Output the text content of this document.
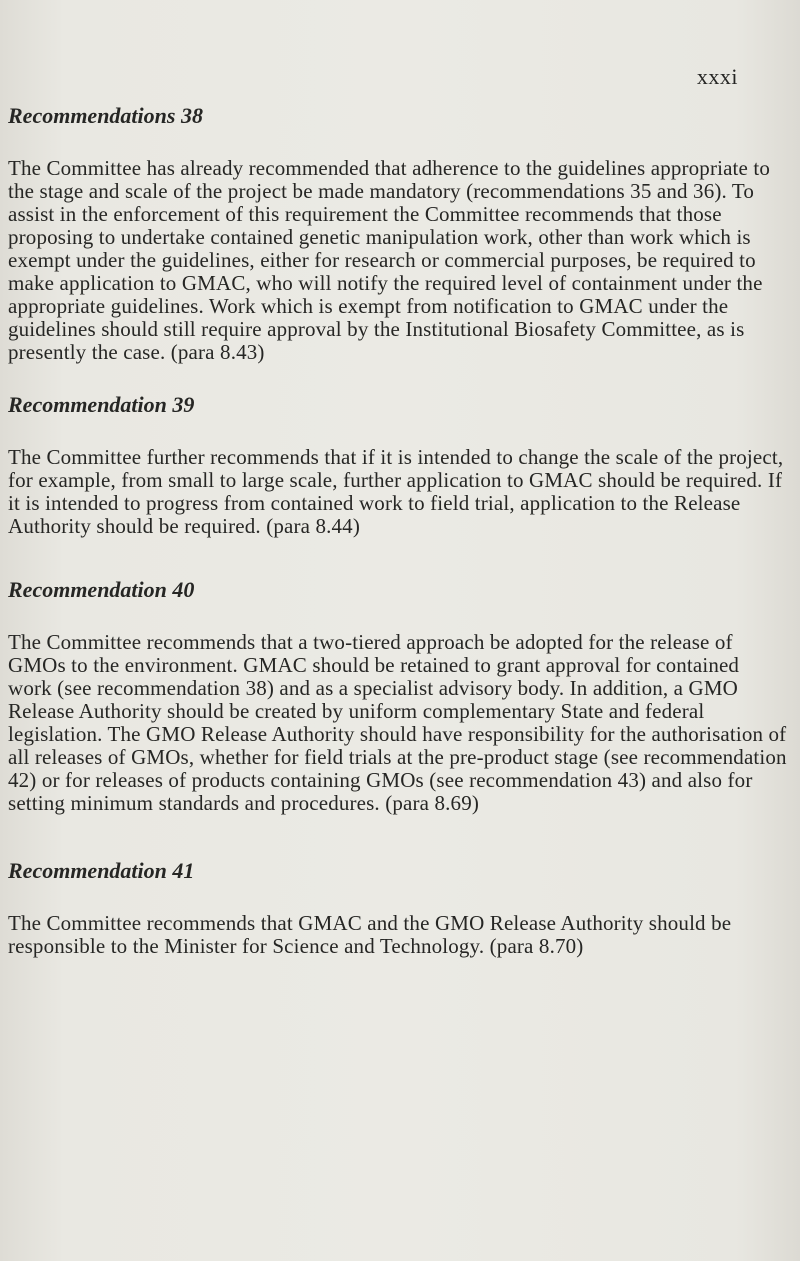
xxxi
Recommendations 38

The Committee has already recommended that adherence to the guidelines appropriate to the stage and scale of the project be made mandatory (recommendations 35 and 36). To assist in the enforcement of this requirement the Committee recommends that those proposing to undertake contained genetic manipulation work, other than work which is exempt under the guidelines, either for research or commercial purposes, be required to make application to GMAC, who will notify the required level of containment under the appropriate guidelines. Work which is exempt from notification to GMAC under the guidelines should still require approval by the Institutional Biosafety Committee, as is presently the case. (para 8.43)

Recommendation 39

The Committee further recommends that if it is intended to change the scale of the project, for example, from small to large scale, further application to GMAC should be required. If it is intended to progress from contained work to field trial, application to the Release Authority should be required. (para 8.44)

Recommendation 40

The Committee recommends that a two-tiered approach be adopted for the release of GMOs to the environment. GMAC should be retained to grant approval for contained work (see recommendation 38) and as a specialist advisory body. In addition, a GMO Release Authority should be created by uniform complementary State and federal legislation. The GMO Release Authority should have responsibility for the authorisation of all releases of GMOs, whether for field trials at the pre-product stage (see recommendation 42) or for releases of products containing GMOs (see recommendation 43) and also for setting minimum standards and procedures. (para 8.69)

Recommendation 41

The Committee recommends that GMAC and the GMO Release Authority should be responsible to the Minister for Science and Technology. (para 8.70)
